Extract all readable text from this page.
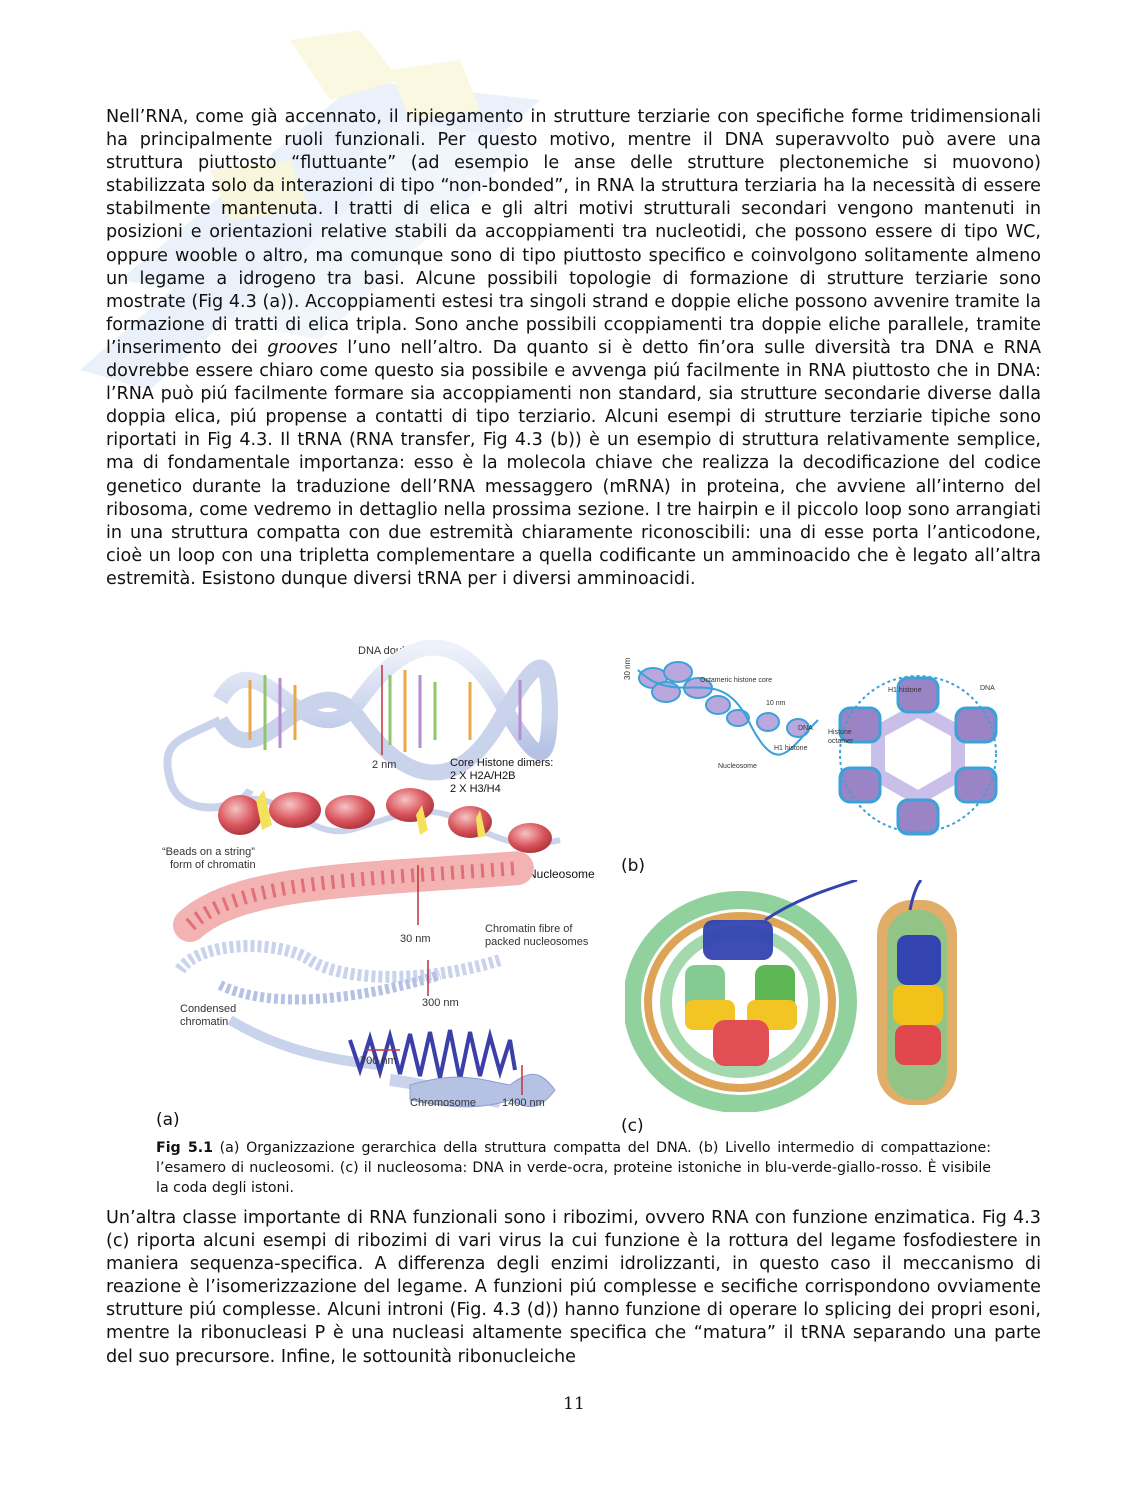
Nell’RNA, come già accennato, il ripiegamento in strutture terziarie con specifiche forme tridimensionali ha principalmente ruoli funzionali. Per questo motivo, mentre il DNA superavvolto può avere una struttura piuttosto “fluttuante” (ad esempio le anse delle strutture plectonemiche si muovono) stabilizzata solo da interazioni di tipo “non-bonded”, in RNA la struttura terziaria ha la necessità di essere stabilmente mantenuta. I tratti di elica e gli altri motivi strutturali secondari vengono mantenuti in posizioni e orientazioni relative stabili da accoppiamenti tra nucleotidi, che possono essere di tipo WC, oppure wooble o altro, ma comunque sono di tipo piuttosto specifico e coinvolgono solitamente almeno un legame a idrogeno tra basi. Alcune possibili topologie di formazione di strutture terziarie sono mostrate (Fig 4.3 (a)). Accoppiamenti estesi tra singoli strand e doppie eliche possono avvenire tramite la formazione di tratti di elica tripla. Sono anche possibili ccoppiamenti tra doppie eliche parallele, tramite l’inserimento dei grooves l’uno nell’altro. Da quanto si è detto fin’ora sulle diversità tra DNA e RNA dovrebbe essere chiaro come questo sia possibile e avvenga piú facilmente in RNA piuttosto che in DNA: l’RNA può piú facilmente formare sia accoppiamenti non standard, sia strutture secondarie diverse dalla doppia elica, piú propense a contatti di tipo terziario. Alcuni esempi di strutture terziarie tipiche sono riportati in Fig 4.3. Il tRNA (RNA transfer, Fig 4.3 (b)) è un esempio di struttura relativamente semplice, ma di fondamentale importanza: esso è la molecola chiave che realizza la decodificazione del codice genetico durante la traduzione dell’RNA messaggero (mRNA) in proteina, che avviene all’interno del ribosoma, come vedremo in dettaglio nella prossima sezione. I tre hairpin e il piccolo loop sono arrangiati in una struttura compatta con due estremità chiaramente riconoscibili: una di esse porta l’anticodone, cioè un loop con una tripletta complementare a quella codificante un amminoacido che è legato all’altra estremità. Esistono dunque diversi tRNA per i diversi amminoacidi.

DNA double helix
2 nm	Core Histone dimers:
2 X H2A/H2B
2 X H3/H4
“Beads on a string”
form of chromatin
Nucleosome
30 nm
Chromatin fibre of
packed nucleosomes
Condensed
chromatin
300 nm
700 nm
Chromosome 1400 nm
(a)
30 nm
Octameric histone core
10 nm
DNA
H1 histone
Nucleosome
H1 histone	DNA
Histone
octamer
(b)
(c)
Fig 5.1 (a) Organizzazione gerarchica della struttura compatta del DNA. (b) Livello intermedio di compattazione: l’esamero di nucleosomi. (c) il nucleosoma: DNA in verde-ocra, proteine istoniche in blu-verde-giallo-rosso. È visibile la coda degli istoni.

Un’altra classe importante di RNA funzionali sono i ribozimi, ovvero RNA con funzione enzimatica. Fig 4.3 (c) riporta alcuni esempi di ribozimi di vari virus la cui funzione è la rottura del legame fosfodiestere in maniera sequenza-specifica. A differenza degli enzimi idrolizzanti, in questo caso il meccanismo di reazione è l’isomerizzazione del legame. A funzioni piú complesse e secifiche corrispondono ovviamente strutture piú complesse. Alcuni introni (Fig. 4.3 (d)) hanno funzione di operare lo splicing dei propri esoni, mentre la ribonucleasi P è una nucleasi altamente specifica che “matura” il tRNA separando una parte del suo precursore. Infine, le sottounità ribonucleiche

11
